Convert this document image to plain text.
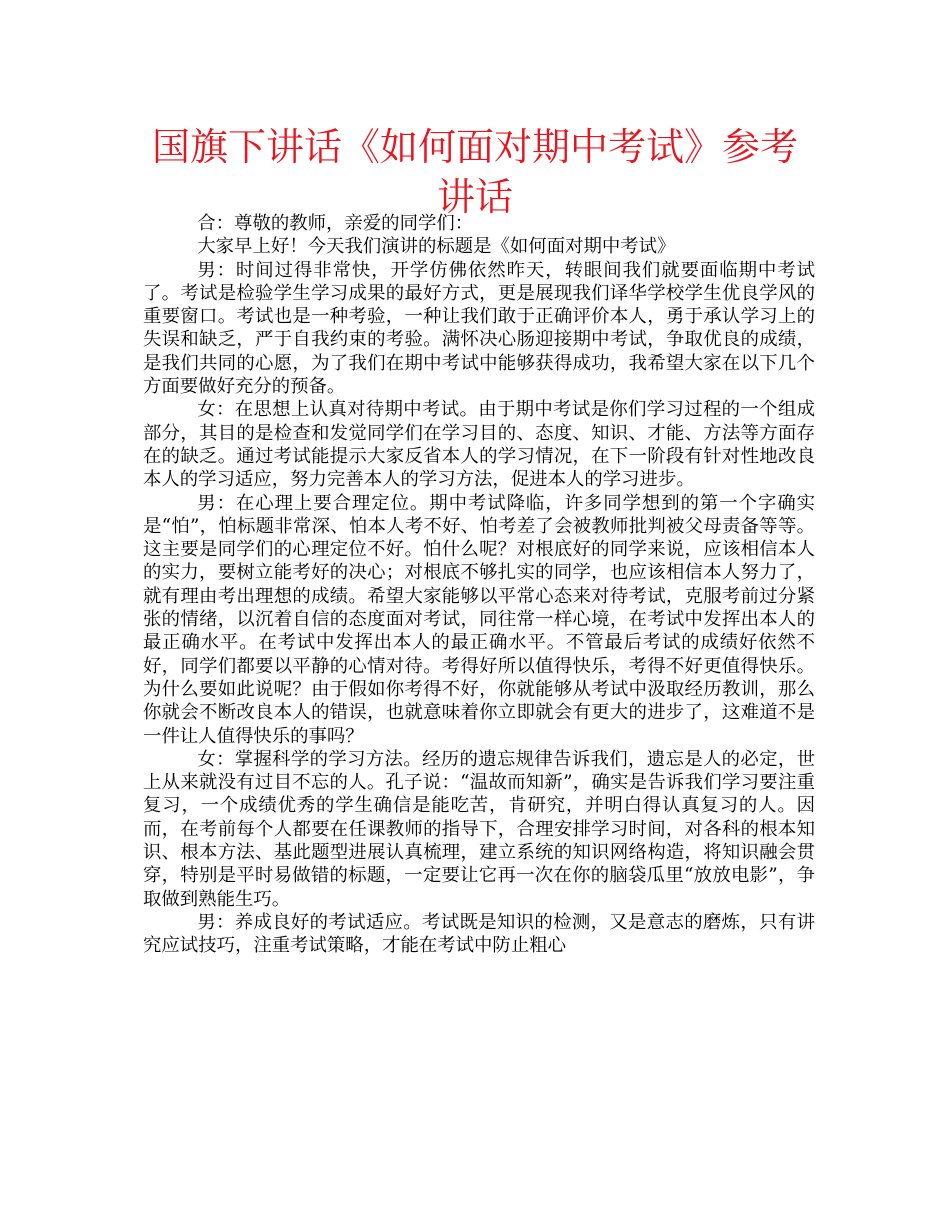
国旗下讲话《如何面对期中考试》参考讲话

合：尊敬的教师，亲爱的同学们：

大家早上好！今天我们演讲的标题是《如何面对期中考试》

男：时间过得非常快，开学仿佛依然昨天，转眼间我们就要面临期中考试了。考试是检验学生学习成果的最好方式，更是展现我们译华学校学生优良学风的重要窗口。考试也是一种考验，一种让我们敢于正确评价本人，勇于承认学习上的失误和缺乏，严于自我约束的考验。满怀决心肠迎接期中考试，争取优良的成绩，是我们共同的心愿，为了我们在期中考试中能够获得成功，我希望大家在以下几个方面要做好充分的预备。

女：在思想上认真对待期中考试。由于期中考试是你们学习过程的一个组成部分，其目的是检查和发觉同学们在学习目的、态度、知识、才能、方法等方面存在的缺乏。通过考试能提示大家反省本人的学习情况，在下一阶段有针对性地改良本人的学习适应，努力完善本人的学习方法，促进本人的学习进步。

男：在心理上要合理定位。期中考试降临，许多同学想到的第一个字确实是“怕”，怕标题非常深、怕本人考不好、怕考差了会被教师批判被父母责备等等。这主要是同学们的心理定位不好。怕什么呢？对根底好的同学来说，应该相信本人的实力，要树立能考好的决心；对根底不够扎实的同学，也应该相信本人努力了，就有理由考出理想的成绩。希望大家能够以平常心态来对待考试，克服考前过分紧张的情绪，以沉着自信的态度面对考试，同往常一样心境，在考试中发挥出本人的最正确水平。在考试中发挥出本人的最正确水平。不管最后考试的成绩好依然不好，同学们都要以平静的心情对待。考得好所以值得快乐，考得不好更值得快乐。为什么要如此说呢？由于假如你考得不好，你就能够从考试中汲取经历教训，那么你就会不断改良本人的错误，也就意味着你立即就会有更大的进步了，这难道不是一件让人值得快乐的事吗？

女：掌握科学的学习方法。经历的遗忘规律告诉我们，遗忘是人的必定，世上从来就没有过目不忘的人。孔子说：“温故而知新”，确实是告诉我们学习要注重复习，一个成绩优秀的学生确信是能吃苦，肯研究，并明白得认真复习的人。因而，在考前每个人都要在任课教师的指导下，合理安排学习时间，对各科的根本知识、根本方法、基此题型进展认真梳理，建立系统的知识网络构造，将知识融会贯穿，特别是平时易做错的标题，一定要让它再一次在你的脑袋瓜里“放放电影”，争取做到熟能生巧。

男：养成良好的考试适应。考试既是知识的检测，又是意志的磨炼，只有讲究应试技巧，注重考试策略，才能在考试中防止粗心
